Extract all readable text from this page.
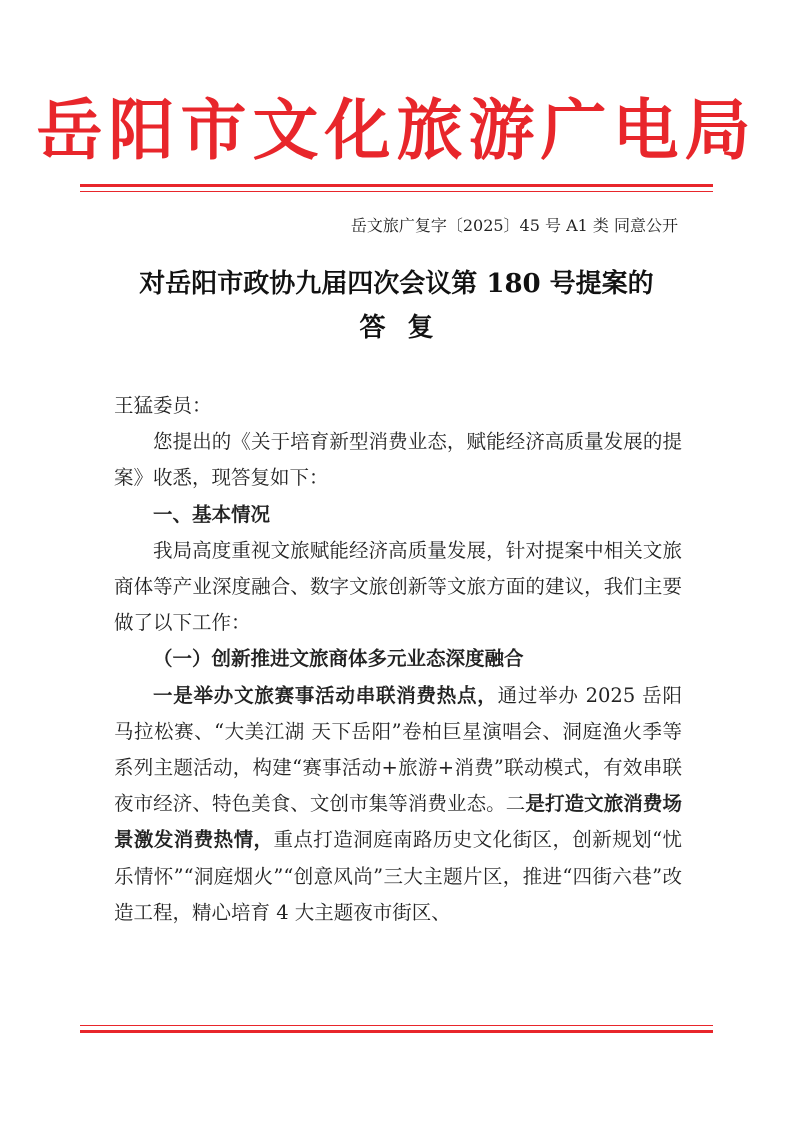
岳阳市文化旅游广电局
岳文旅广复字〔2025〕45 号 A1 类 同意公开
对岳阳市政协九届四次会议第 180 号提案的
答复

王猛委员：

您提出的《关于培育新型消费业态，赋能经济高质量发展的提案》收悉，现答复如下：

一、基本情况

我局高度重视文旅赋能经济高质量发展，针对提案中相关文旅商体等产业深度融合、数字文旅创新等文旅方面的建议，我们主要做了以下工作：

（一）创新推进文旅商体多元业态深度融合

一是举办文旅赛事活动串联消费热点，通过举办 2025 岳阳马拉松赛、“大美江湖 天下岳阳”卷柏巨星演唱会、洞庭渔火季等系列主题活动，构建“赛事活动+旅游+消费”联动模式，有效串联夜市经济、特色美食、文创市集等消费业态。二是打造文旅消费场景激发消费热情，重点打造洞庭南路历史文化街区，创新规划“忧乐情怀”“洞庭烟火”“创意风尚”三大主题片区，推进“四街六巷”改造工程，精心培育 4 大主题夜市街区、
